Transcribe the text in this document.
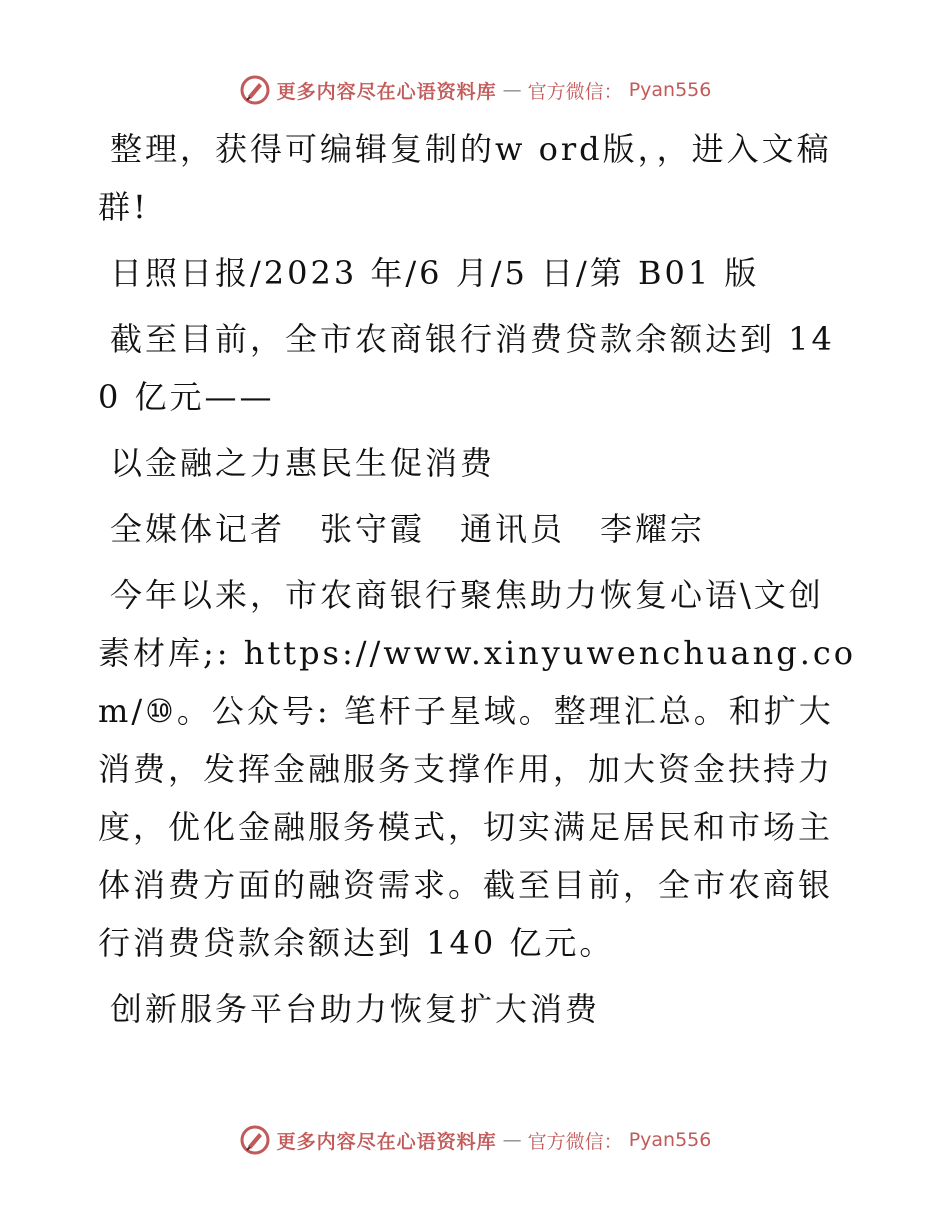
更多内容尽在心语资料库 — 官方微信： Pyan556

整理，获得可编辑复制的w ord版，，进入文稿群!

日照日报/2023 年/6 月/5 日/第 B01 版

截至目前，全市农商银行消费贷款余额达到 140 亿元——

以金融之力惠民生促消费

全媒体记者　张守霞　通讯员　李耀宗

今年以来，市农商银行聚焦助力恢复心语\文创素材库;: https://www.xinyuwenchuang.com/⑩。公众号: 笔杆子星域。整理汇总。和扩大消费，发挥金融服务支撑作用，加大资金扶持力度，优化金融服务模式，切实满足居民和市场主体消费方面的融资需求。截至目前，全市农商银行消费贷款余额达到 140 亿元。

创新服务平台助力恢复扩大消费

更多内容尽在心语资料库 — 官方微信： Pyan556
